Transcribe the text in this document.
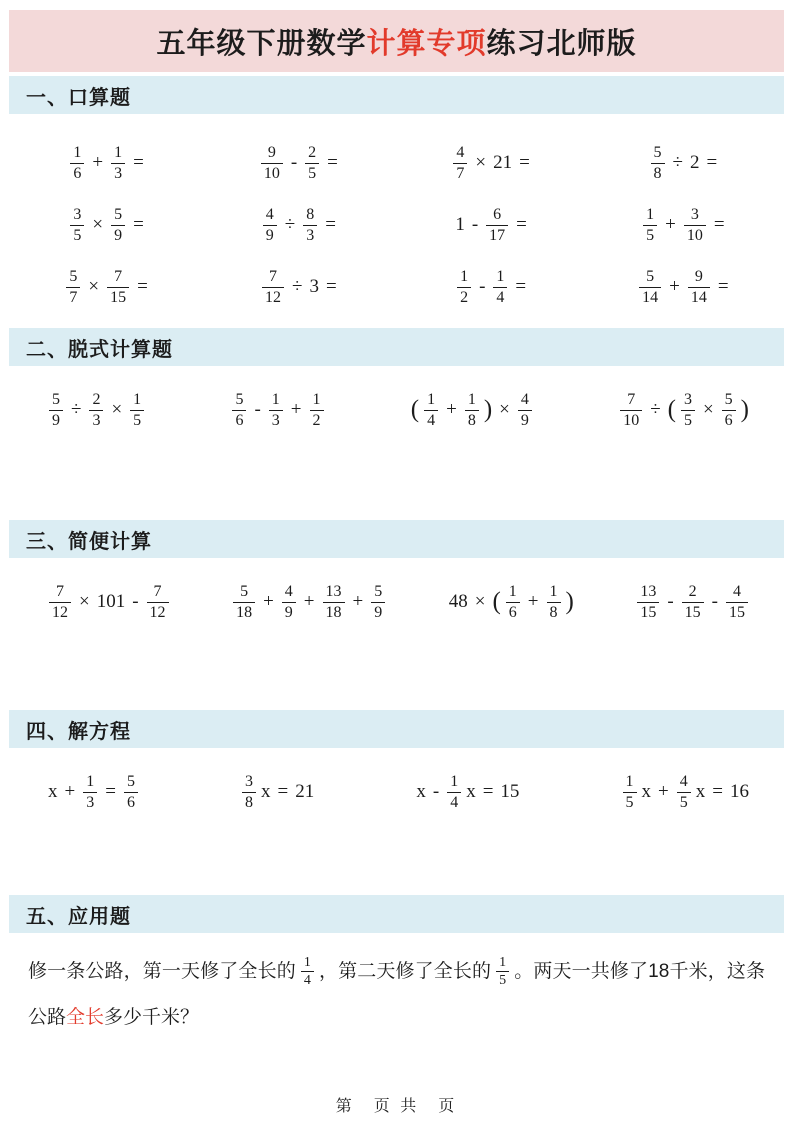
五年级下册数学计算专项练习北师版
一、口算题
$\frac{1}{6} + \frac{1}{3}$ =	$\frac{9}{10} - \frac{2}{5}$ =	$\frac{4}{7} \times 21$ =	$\frac{5}{8} \div 2$ =
$\frac{3}{5} \times \frac{5}{9}$ =	$\frac{4}{9} \div \frac{8}{3}$ =	$1 - \frac{6}{17}$ =	$\frac{1}{5} + \frac{3}{10}$ =
$\frac{5}{7} \times \frac{7}{15}$ =	$\frac{7}{12} \div 3$ =	$\frac{1}{2} - \frac{1}{4}$ =	$\frac{5}{14} + \frac{9}{14}$ =
二、脱式计算题
$\frac{5}{9} \div \frac{2}{3} \times \frac{1}{5}$	$\frac{5}{6} - \frac{1}{3} + \frac{1}{2}$	( $\frac{1}{4} + \frac{1}{8}$ ) × $\frac{4}{9}$	$\frac{7}{10}$ ÷ ( $\frac{3}{5} \times \frac{5}{6}$ )
三、简便计算
$\frac{7}{12} \times 101 - \frac{7}{12}$	$\frac{5}{18} + \frac{4}{9} + \frac{13}{18} + \frac{5}{9}$	48 × ( $\frac{1}{6} + \frac{1}{8}$ )	$\frac{13}{15} - \frac{2}{15} - \frac{4}{15}$
四、解方程
$x + \frac{1}{3} = \frac{5}{6}$	$\frac{3}{8}$ x = 21	x - $\frac{1}{4}$ x = 15	$\frac{1}{5}$ $x + \frac{4}{5}$ x = 16
五、应用题

修一条公路，第一天修了全长的 $\frac{1}{4}$ ，第二天修了全长的 $\frac{1}{5}$ 。两天一共修了18千米，这条公路全长多少千米？

第　页 共　页
